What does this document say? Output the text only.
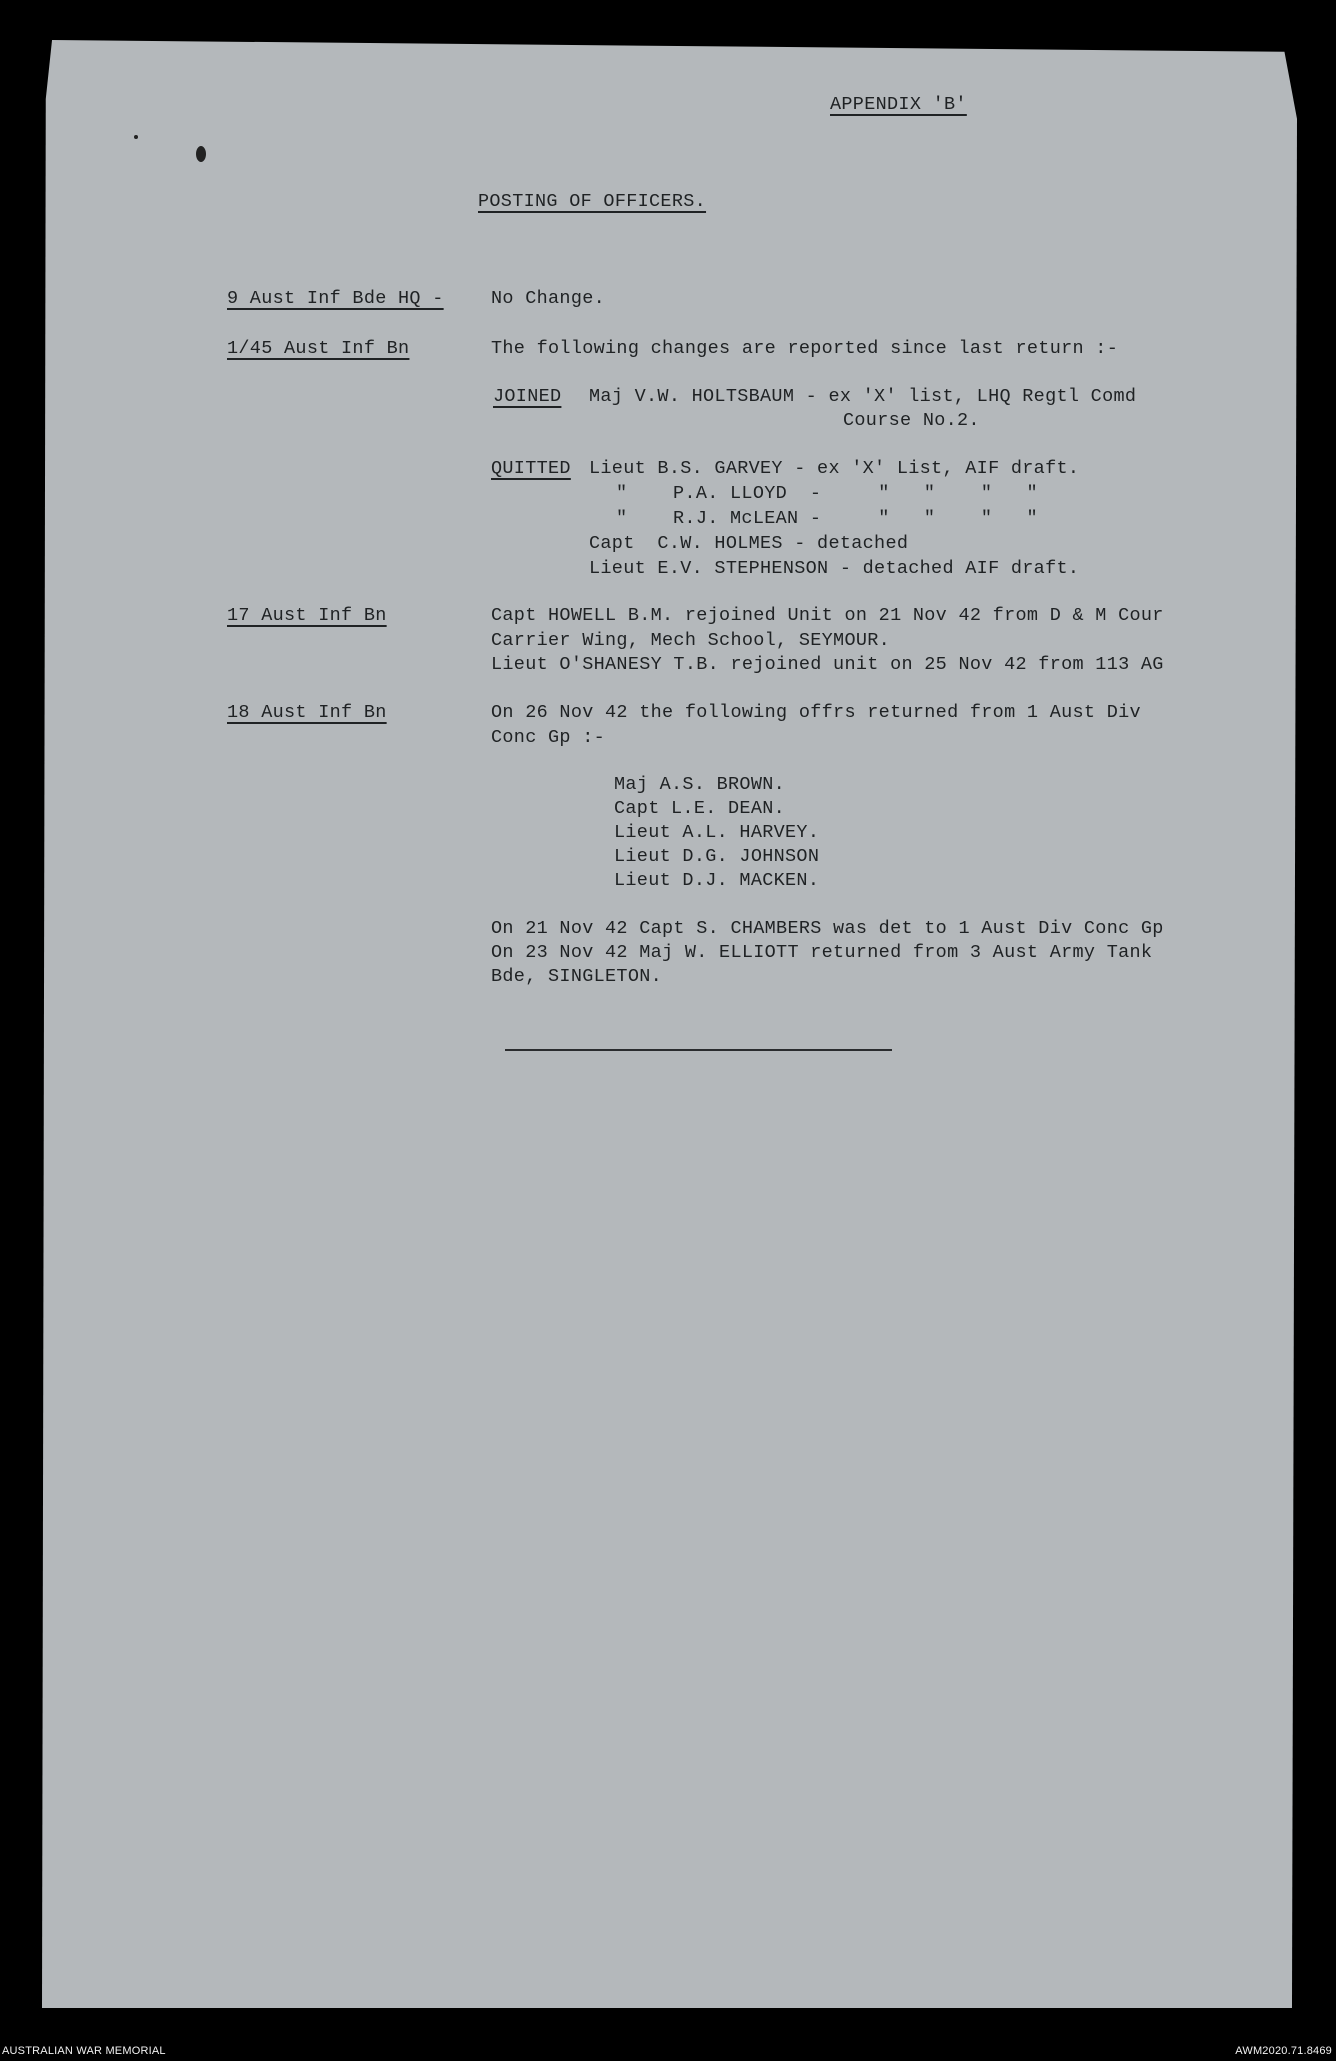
APPENDIX 'B'
POSTING OF OFFICERS.
9 Aust Inf Bde HQ -	No Change.
1/45 Aust Inf Bn	The following changes are reported since last return :-
JOINED Maj V.W. HOLTSBAUM - ex 'X' list, LHQ Regtl Comd
Course No.2.
QUITTED Lieut B.S. GARVEY - ex 'X' List, AIF draft.
"    P.A. LLOYD  -     "   "    "   "
"    R.J. McLEAN -     "   "    "   "
Capt  C.W. HOLMES - detached
Lieut E.V. STEPHENSON - detached AIF draft.
17 Aust Inf Bn	Capt HOWELL B.M. rejoined Unit on 21 Nov 42 from D & M Cour
Carrier Wing, Mech School, SEYMOUR.
Lieut O'SHANESY T.B. rejoined unit on 25 Nov 42 from 113 AG
18 Aust Inf Bn	On 26 Nov 42 the following offrs returned from 1 Aust Div
Conc Gp :-
Maj A.S. BROWN.
Capt L.E. DEAN.
Lieut A.L. HARVEY.
Lieut D.G. JOHNSON
Lieut D.J. MACKEN.
On 21 Nov 42 Capt S. CHAMBERS was det to 1 Aust Div Conc Gp
On 23 Nov 42 Maj W. ELLIOTT returned from 3 Aust Army Tank
Bde, SINGLETON.
AUSTRALIAN WAR MEMORIAL	AWM2020.71.8469
